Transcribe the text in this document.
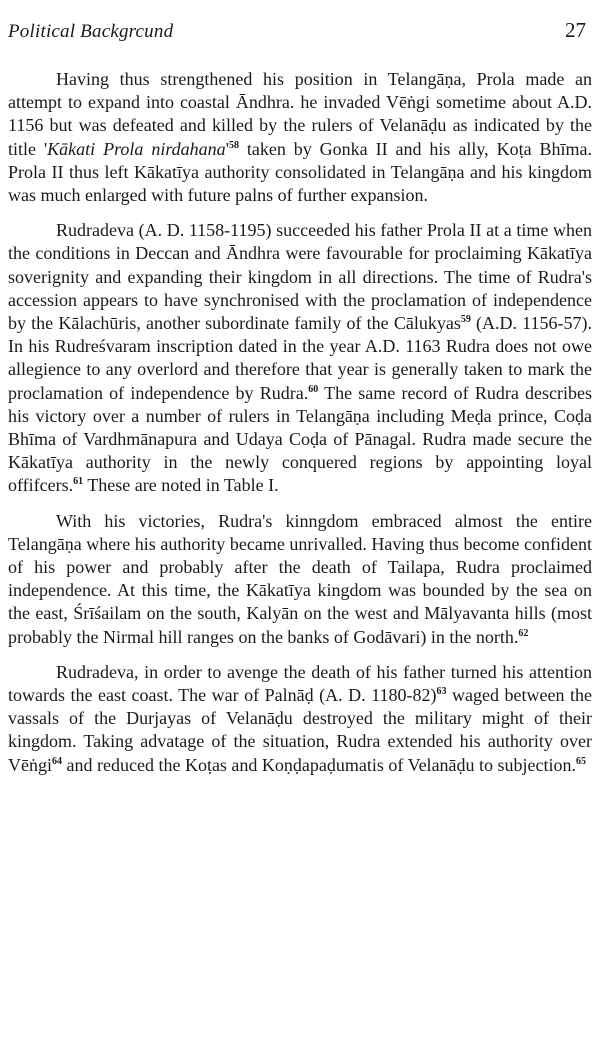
Political Backgrcund	27

Having thus strengthened his position in Telangāṇa, Prola made an attempt to expand into coastal Āndhra. he invaded Vēṅgi sometime about A.D. 1156 but was defeated and killed by the rulers of Velanāḍu as indicated by the title 'Kākati Prola $nirdahana'^{58}$ taken by Gonka II and his ally, Koṭa Bhīma. Prola II thus left Kākatīya authority consolidated in Telangāṇa and his kingdom was much enlarged with future palns of further expansion.

Rudradeva (A. D. 1158-1195) succeeded his father Prola II at a time when the conditions in Deccan and Āndhra were favourable for proclaiming Kākatīya soverignity and expanding their kingdom in all directions. The time of Rudra's accession appears to have synchronised with the proclamation of independence by the Kālachūris, another subordinate family of the Cālukyas$^{59}$ (A.D. 1156-57). In his Rudreśvaram inscription dated in the year A.D. 1163 Rudra does not owe allegience to any overlord and therefore that year is generally taken to mark the proclamation of independence by Rudra.$^{60}$ The same record of Rudra describes his victory over a number of rulers in Telangāṇa including Meḍa prince, Coḍa Bhīma of Vardhmānapura and Udaya Coḍa of Pānagal. Rudra made secure the Kākatīya authority in the newly conquered regions by appointing loyal offifcers.$^{61}$ These are noted in Table I.

With his victories, Rudra's kinngdom embraced almost the entire Telangāṇa where his authority became unrivalled. Having thus become confident of his power and probably after the death of Tailapa, Rudra proclaimed independence. At this time, the Kākatīya kingdom was bounded by the sea on the east, Śrīśailam on the south, Kalyān on the west and Mālyavanta hills (most probably the Nirmal hill ranges on the banks of Godāvari) in the north.$^{62}$

Rudradeva, in order to avenge the death of his father turned his attention towards the east coast. The war of Palnāḍ (A. D. 1180-82)$^{63}$ waged between the vassals of the Durjayas of Velanāḍu destroyed the military might of their kingdom. Taking advatage of the situation, Rudra extended his authority over Vēṅgi$^{64}$ and reduced the Koṭas and Koṇḍapaḍumatis of Velanāḍu to subjection.$^{65}$
